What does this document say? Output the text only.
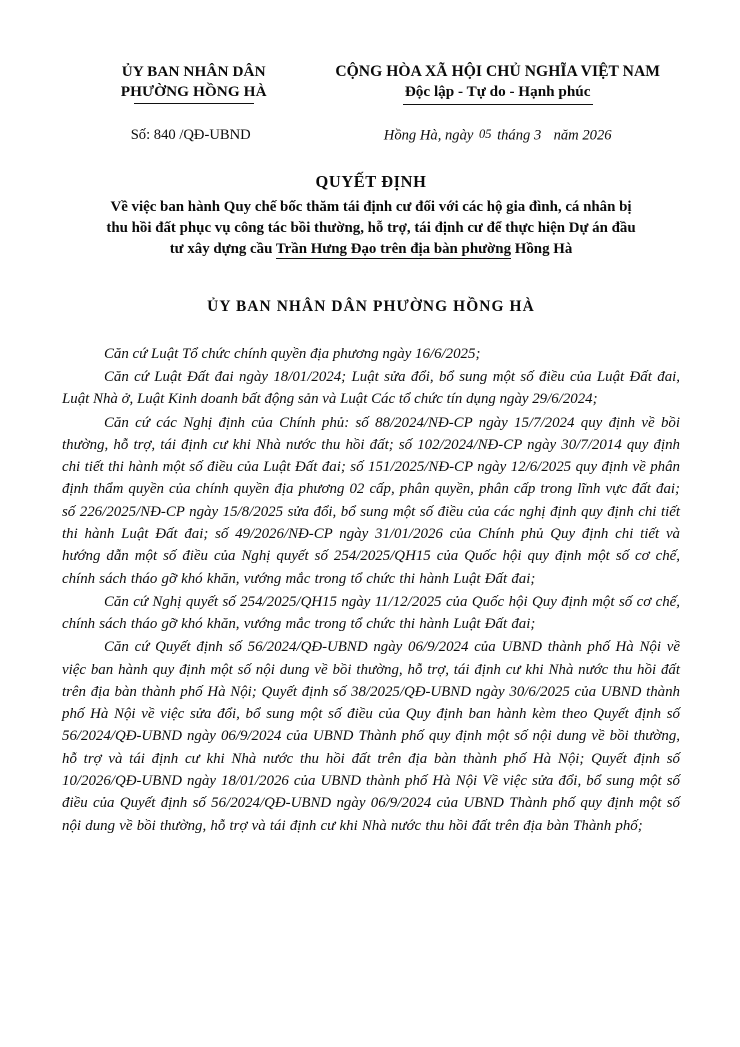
ỦY BAN NHÂN DÂN
PHƯỜNG HỒNG HÀ
CỘNG HÒA XÃ HỘI CHỦ NGHĨA VIỆT NAM
Độc lập - Tự do - Hạnh phúc
Số: 840 /QĐ-UBND	Hồng Hà, ngày 05 tháng 3 năm 2026
QUYẾT ĐỊNH
Về việc ban hành Quy chế bốc thăm tái định cư đối với các hộ gia đình, cá nhân bị
thu hồi đất phục vụ công tác bồi thường, hỗ trợ, tái định cư để thực hiện Dự án đầu
tư xây dựng cầu Trần Hưng Đạo trên địa bàn phường Hồng Hà
ỦY BAN NHÂN DÂN PHƯỜNG HỒNG HÀ

Căn cứ Luật Tổ chức chính quyền địa phương ngày 16/6/2025;

Căn cứ Luật Đất đai ngày 18/01/2024; Luật sửa đổi, bổ sung một số điều của Luật Đất đai, Luật Nhà ở, Luật Kinh doanh bất động sản và Luật Các tổ chức tín dụng ngày 29/6/2024;

Căn cứ các Nghị định của Chính phủ: số 88/2024/NĐ-CP ngày 15/7/2024 quy định về bồi thường, hỗ trợ, tái định cư khi Nhà nước thu hồi đất; số 102/2024/NĐ-CP ngày 30/7/2014 quy định chi tiết thi hành một số điều của Luật Đất đai; số 151/2025/NĐ-CP ngày 12/6/2025 quy định về phân định thẩm quyền của chính quyền địa phương 02 cấp, phân quyền, phân cấp trong lĩnh vực đất đai; số 226/2025/NĐ-CP ngày 15/8/2025 sửa đổi, bổ sung một số điều của các nghị định quy định chi tiết thi hành Luật Đất đai; số 49/2026/NĐ-CP ngày 31/01/2026 của Chính phủ Quy định chi tiết và hướng dẫn một số điều của Nghị quyết số 254/2025/QH15 của Quốc hội quy định một số cơ chế, chính sách tháo gỡ khó khăn, vướng mắc trong tổ chức thi hành Luật Đất đai;

Căn cứ Nghị quyết số 254/2025/QH15 ngày 11/12/2025 của Quốc hội Quy định một số cơ chế, chính sách tháo gỡ khó khăn, vướng mắc trong tổ chức thi hành Luật Đất đai;

Căn cứ Quyết định số 56/2024/QĐ-UBND ngày 06/9/2024 của UBND thành phố Hà Nội về việc ban hành quy định một số nội dung về bồi thường, hỗ trợ, tái định cư khi Nhà nước thu hồi đất trên địa bàn thành phố Hà Nội; Quyết định số 38/2025/QĐ-UBND ngày 30/6/2025 của UBND thành phố Hà Nội về việc sửa đổi, bổ sung một số điều của Quy định ban hành kèm theo Quyết định số 56/2024/QĐ-UBND ngày 06/9/2024 của UBND Thành phố quy định một số nội dung về bồi thường, hỗ trợ và tái định cư khi Nhà nước thu hồi đất trên địa bàn thành phố Hà Nội; Quyết định số 10/2026/QĐ-UBND ngày 18/01/2026 của UBND thành phố Hà Nội Về việc sửa đổi, bổ sung một số điều của Quyết định số 56/2024/QĐ-UBND ngày 06/9/2024 của UBND Thành phố quy định một số nội dung về bồi thường, hỗ trợ và tái định cư khi Nhà nước thu hồi đất trên địa bàn Thành phố;
